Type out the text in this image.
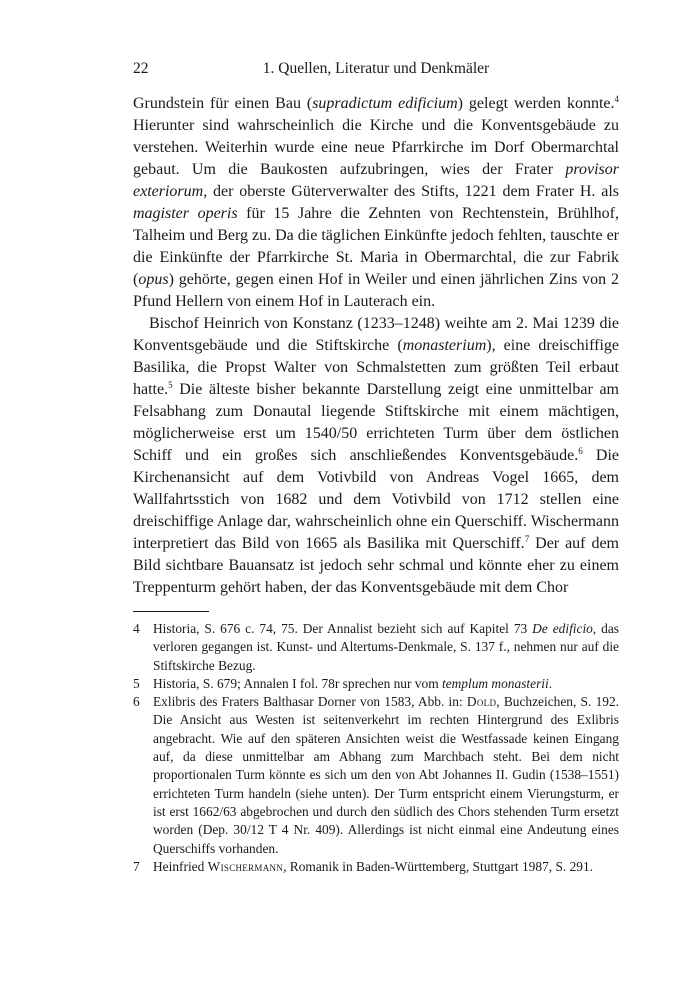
22	1. Quellen, Literatur und Denkmäler

Grundstein für einen Bau (supradictum edificium) gelegt werden konnte.$^4$ Hierunter sind wahrscheinlich die Kirche und die Konventsgebäude zu verstehen. Weiterhin wurde eine neue Pfarrkirche im Dorf Obermarchtal gebaut. Um die Baukosten aufzubringen, wies der Frater provisor exteriorum, der oberste Güterverwalter des Stifts, 1221 dem Frater H. als magister operis für 15 Jahre die Zehnten von Rechtenstein, Brühlhof, Talheim und Berg zu. Da die täglichen Einkünfte jedoch fehlten, tauschte er die Einkünfte der Pfarrkirche St. Maria in Obermarchtal, die zur Fabrik (opus) gehörte, gegen einen Hof in Weiler und einen jährlichen Zins von 2 Pfund Hellern von einem Hof in Lauterach ein.

Bischof Heinrich von Konstanz (1233–1248) weihte am 2. Mai 1239 die Konventsgebäude und die Stiftskirche (monasterium), eine dreischiffige Basilika, die Propst Walter von Schmalstetten zum größten Teil erbaut hatte.$^5$ Die älteste bisher bekannte Darstellung zeigt eine unmittelbar am Felsabhang zum Donautal liegende Stiftskirche mit einem mächtigen, möglicherweise erst um 1540/50 errichteten Turm über dem östlichen Schiff und ein großes sich anschließendes Konventsgebäude.$^6$ Die Kirchenansicht auf dem Votivbild von Andreas Vogel 1665, dem Wallfahrtsstich von 1682 und dem Votivbild von 1712 stellen eine dreischiffige Anlage dar, wahrscheinlich ohne ein Querschiff. Wischermann interpretiert das Bild von 1665 als Basilika mit Querschiff.$^7$ Der auf dem Bild sichtbare Bauansatz ist jedoch sehr schmal und könnte eher zu einem Treppenturm gehört haben, der das Konventsgebäude mit dem Chor

4 Historia, S. 676 c. 74, 75. Der Annalist bezieht sich auf Kapitel 73 De edificio, das verloren gegangen ist. Kunst- und Altertums-Denkmale, S. 137 f., nehmen nur auf die Stiftskirche Bezug.
5 Historia, S. 679; Annalen I fol. 78r sprechen nur vom templum monasterii.
6 Exlibris des Fraters Balthasar Dorner von 1583, Abb. in: Dold, Buchzeichen, S. 192. Die Ansicht aus Westen ist seitenverkehrt im rechten Hintergrund des Exlibris angebracht. Wie auf den späteren Ansichten weist die Westfassade keinen Eingang auf, da diese unmittelbar am Abhang zum Marchbach steht. Bei dem nicht proportionalen Turm könnte es sich um den von Abt Johannes II. Gudin (1538–1551) errichteten Turm handeln (siehe unten). Der Turm entspricht einem Vierungsturm, er ist erst 1662/63 abgebrochen und durch den südlich des Chors stehenden Turm ersetzt worden (Dep. 30/12 T 4 Nr. 409). Allerdings ist nicht einmal eine Andeutung eines Querschiffs vorhanden.
7 Heinfried Wischermann, Romanik in Baden-Württemberg, Stuttgart 1987, S. 291.
